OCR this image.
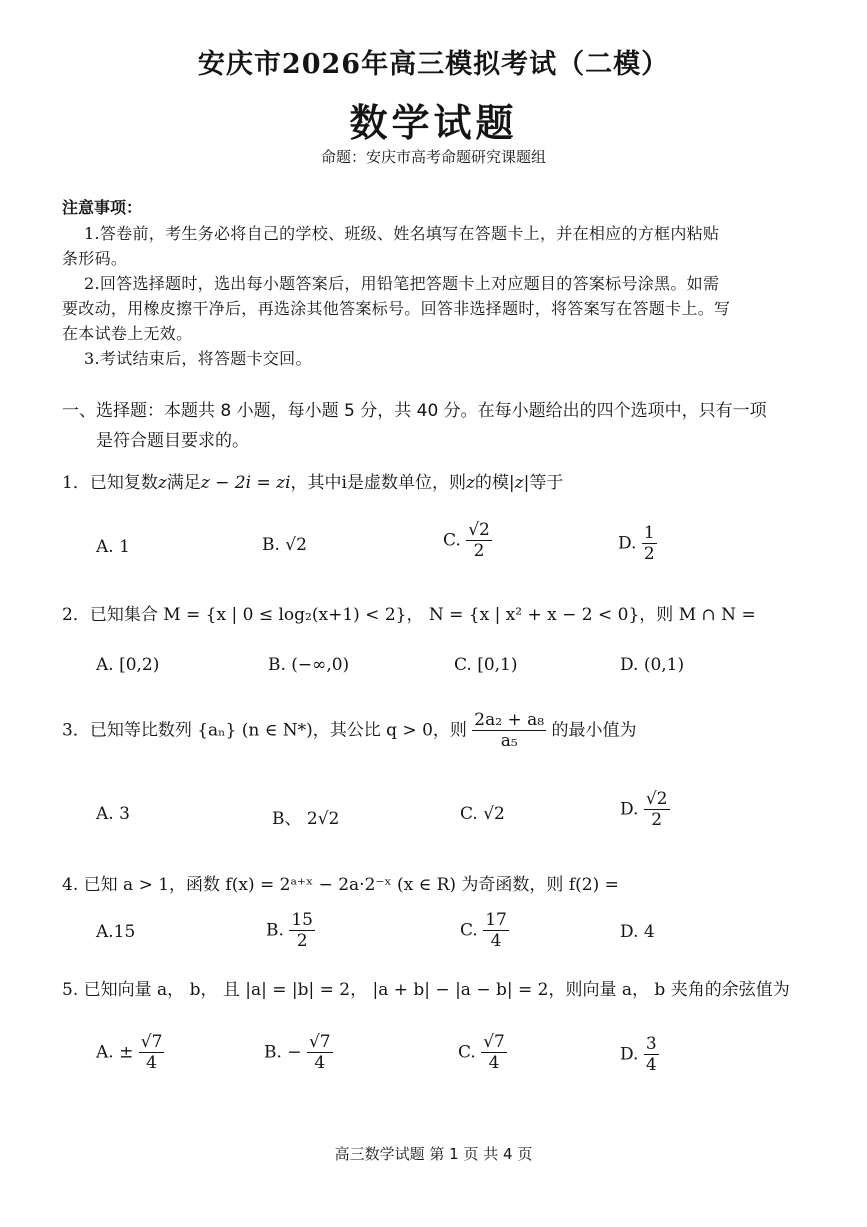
安庆市2026年高三模拟考试（二模）
数学试题
命题：安庆市高考命题研究课题组
注意事项：
1.答卷前，考生务必将自己的学校、班级、姓名填写在答题卡上，并在相应的方框内粘贴
条形码。
2.回答选择题时，选出每小题答案后，用铅笔把答题卡上对应题目的答案标号涂黑。如需
要改动，用橡皮擦干净后，再选涂其他答案标号。回答非选择题时，将答案写在答题卡上。写
在本试卷上无效。
3.考试结束后，将答题卡交回。
一、选择题：本题共 8 小题，每小题 5 分，共 40 分。在每小题给出的四个选项中，只有一项
是符合题目要求的。
1．已知复数z满足z − 2i = zi，其中i是虚数单位，则z的模|z|等于
A. 1	B. √2	C. $\frac{√2}{2}$	D. $\frac{1}{2}$
2．已知集合 M = {x | 0 ≤ log₂(x+1) < 2}， N = {x | x² + x − 2 < 0}，则 M ∩ N =
A. [0,2)	B. (−∞,0)	C. [0,1)	D. (0,1)
3．已知等比数列 {aₙ} (n ∈ N*)，其公比 q > 0，则 $\frac{\text{2a₂ + a₈}}{\text{a₅}}$ 的最小值为
A. 3	B、 2√2	C. √2	D. $\frac{√2}{2}$
4. 已知 a > 1，函数 f(x) = 2ᵃ⁺ˣ − 2a·2⁻ˣ (x ∈ R) 为奇函数，则 f(2) =
A.15	B. $\frac{15}{2}$	C. $\frac{17}{4}$	D. 4
5. 已知向量 a， b， 且 |a| = |b| = 2， |a + b| − |a − b| = 2，则向量 a， b 夹角的余弦值为
A. ± $\frac{√7}{4}$	B. − $\frac{√7}{4}$	C. $\frac{√7}{4}$	D. $\frac{3}{4}$
高三数学试题 第 1 页 共 4 页
